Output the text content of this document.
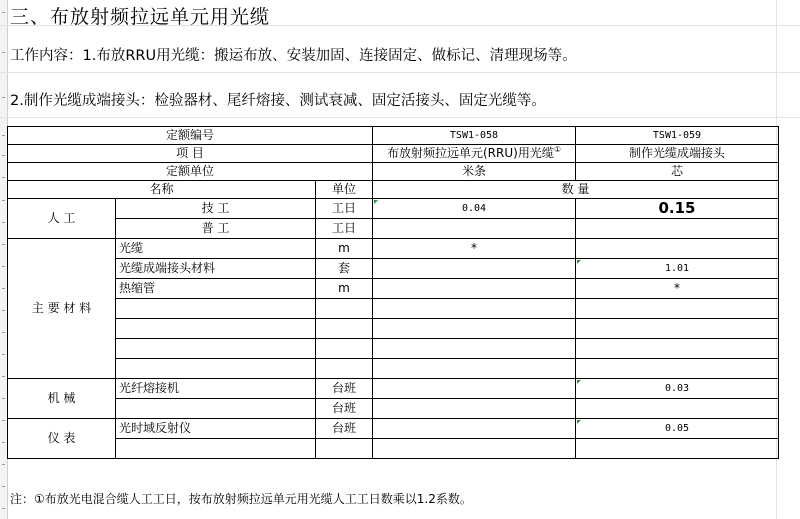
三、布放射频拉远单元用光缆
工作内容：1.布放RRU用光缆：搬运布放、安装加固、连接固定、做标记、清理现场等。
2.制作光缆成端接头：检验器材、尾纤熔接、测试衰减、固定活接头、固定光缆等。
定额编号			TSW1-058	TSW1-059
项 目			布放射频拉远单元(RRU)用光缆①	制作光缆成端接头
定额单位			米条	芯
名称		单位	数 量	
人 工	技 工	工日	0.04	0.15
	普 工	工日		
主 要 材 料	光缆	m	*	
	光缆成端接头材料	套		1.01
	热缩管	m		*

机 械	光纤熔接机	台班		0.03
		台班		
仪 表	光时域反射仪	台班		0.05

注：①布放光电混合缆人工工日，按布放射频拉远单元用光缆人工工日数乘以1.2系数。
